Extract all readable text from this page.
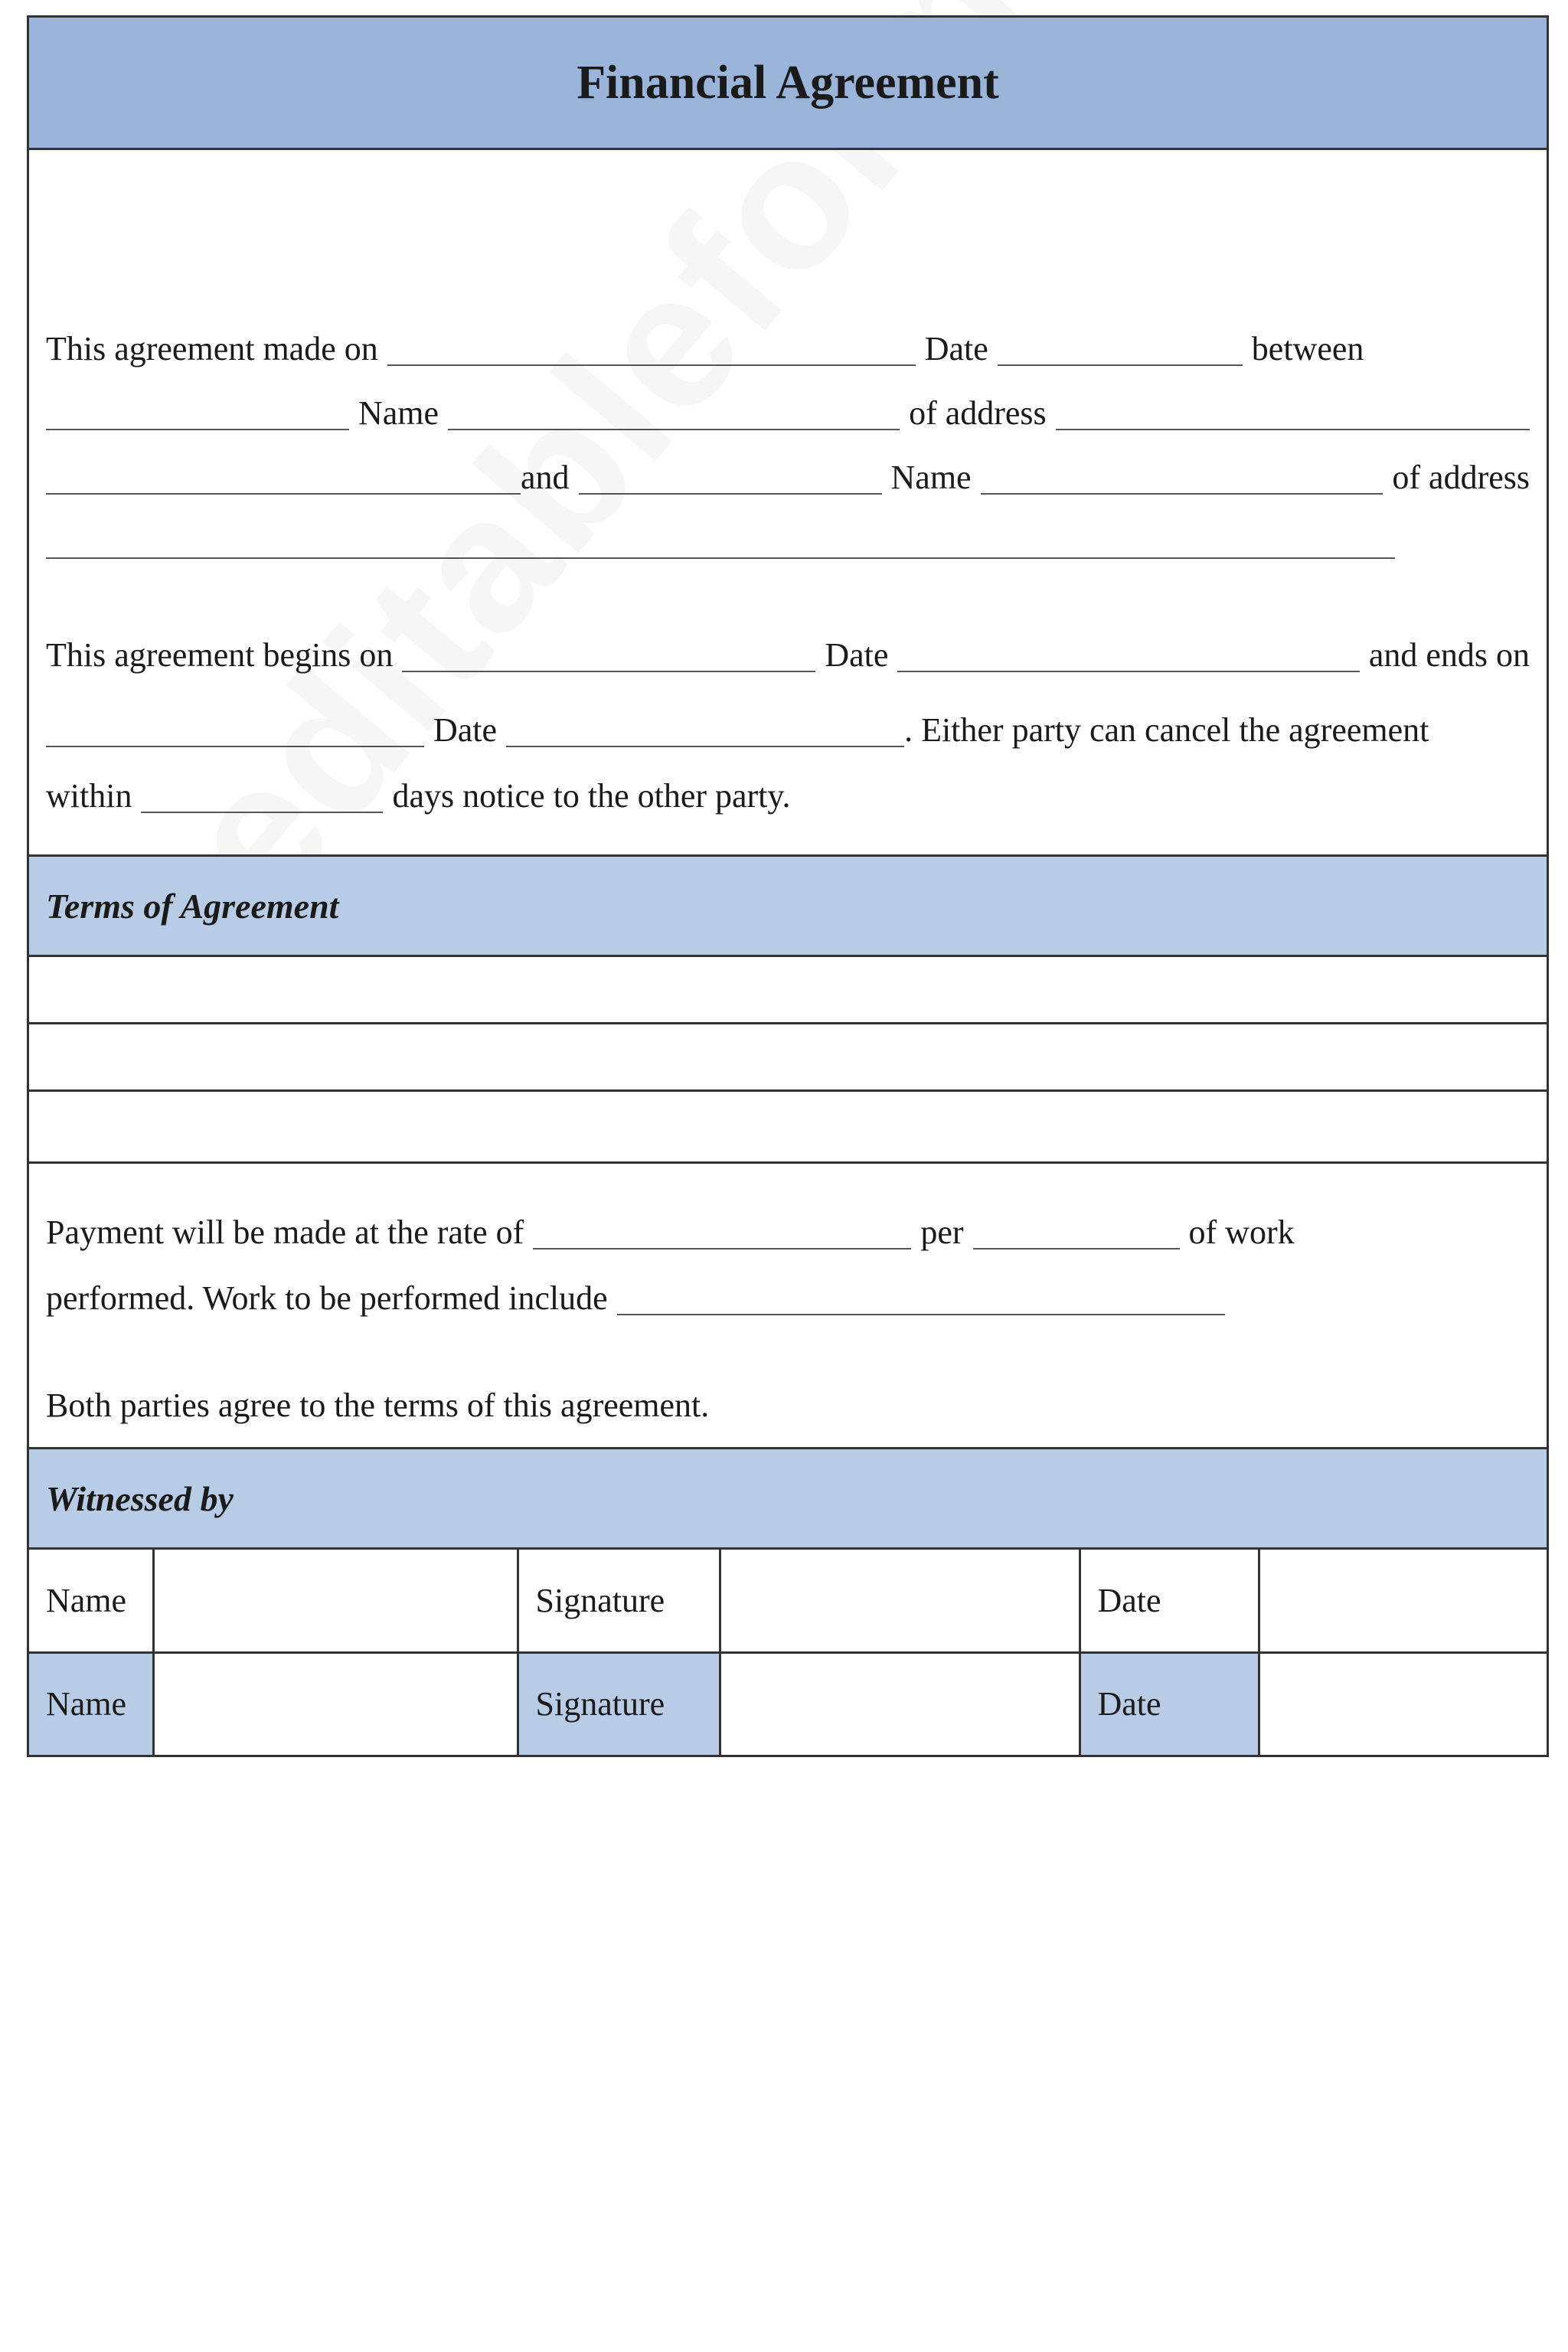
Financial Agreement
This agreement made on	Date	between
Name	of address
and	Name	of address
This agreement begins on	Date	and ends on
Date	. Either party can cancel the agreement
within	days notice to the other party.
Terms of Agreement
Payment will be made at the rate of	per	of work
performed. Work to be performed include
Both parties agree to the terms of this agreement.
Witnessed by
Name		Signature		Date	
Name		Signature		Date	
